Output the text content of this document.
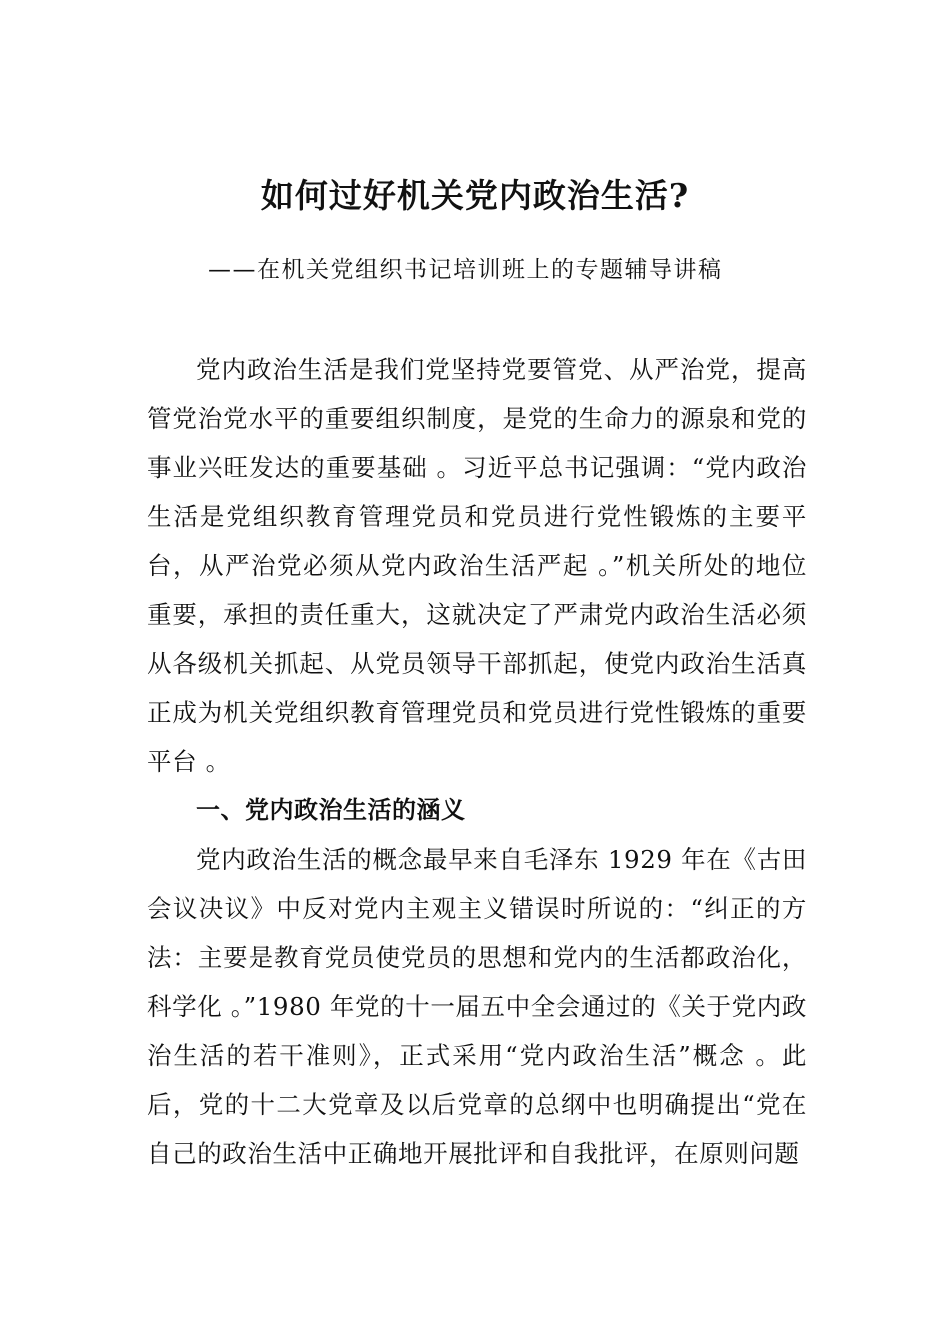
如何过好机关党内政治生活?

——在机关党组织书记培训班上的专题辅导讲稿

党内政治生活是我们党坚持党要管党、从严治党，提高管党治党水平的重要组织制度，是党的生命力的源泉和党的事业兴旺发达的重要基础 。习近平总书记强调：“党内政治生活是党组织教育管理党员和党员进行党性锻炼的主要平台，从严治党必须从党内政治生活严起 。”机关所处的地位重要，承担的责任重大，这就决定了严肃党内政治生活必须从各级机关抓起、从党员领导干部抓起，使党内政治生活真正成为机关党组织教育管理党员和党员进行党性锻炼的重要平台 。

一、党内政治生活的涵义

党内政治生活的概念最早来自毛泽东 1929 年在《古田会议决议》中反对党内主观主义错误时所说的：“纠正的方法：主要是教育党员使党员的思想和党内的生活都政治化，科学化 。”1980 年党的十一届五中全会通过的《关于党内政治生活的若干准则》，正式采用“党内政治生活”概念 。此后，党的十二大党章及以后党章的总纲中也明确提出“党在自己的政治生活中正确地开展批评和自我批评，在原则问题
